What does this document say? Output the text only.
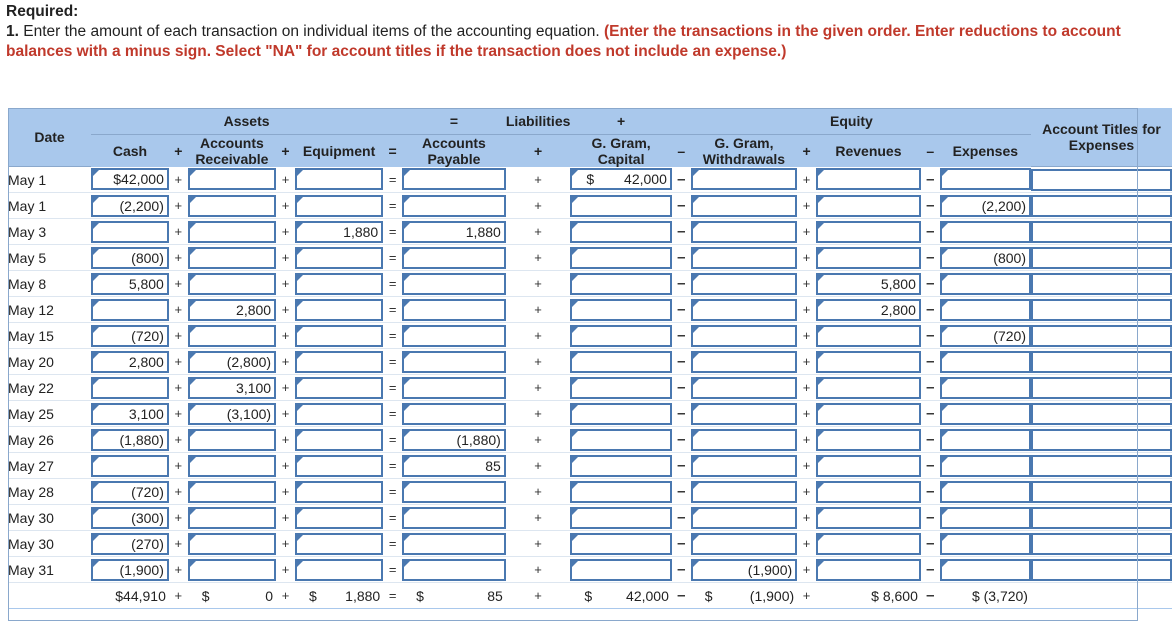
Required:
1. Enter the amount of each transaction on individual items of the accounting equation. (Enter the transactions in the given order. Enter reductions to account balances with a minus sign. Select "NA" for account titles if the transaction does not include an expense.)
Date	Assets						=	Liabilities	+	Equity						Account Titles for Expenses
	Cash	+	Accounts Receivable	+	Equipment	=	Accounts Payable	+	G. Gram, Capital	–	G. Gram, Withdrawals	+	Revenues	–	Expenses	
May 1	$42,000	+		+		=		+	$ 42,000	–		+		–	

May 1	(2,200)	+		+		=		+		–		+		–	(2,200)	

May 3		+		+	1,880	=	1,880	+		–		+		–	

May 5	(800)	+		+		=		+		–		+		–	(800)	

May 8	5,800	+		+		=		+		–		+	5,800	–	

May 12		+	2,800	+		=		+		–		+	2,800	–	

May 15	(720)	+		+		=		+		–		+		–	(720)	

May 20	2,800	+	(2,800)	+		=		+		–		+		–	

May 22		+	3,100	+		=		+		–		+		–	

May 25	3,100	+	(3,100)	+		=		+		–		+		–	

May 26	(1,880)	+		+		=	(1,880)	+		–		+		–	

May 27		+		+		=	85	+		–		+		–	

May 28	(720)	+		+		=		+		–		+		–	

May 30	(300)	+		+		=		+		–		+		–	

May 30	(270)	+		+		=		+		–		+		–	

May 31	(1,900)	+		+		=		+		–	(1,900)	+		–	

	$44,910	+	$ 0	+	$ 1,880	=	$ 85	+	$ 42,000	–	$ (1,900)	+	$ 8,600	–	$ (3,720)	
